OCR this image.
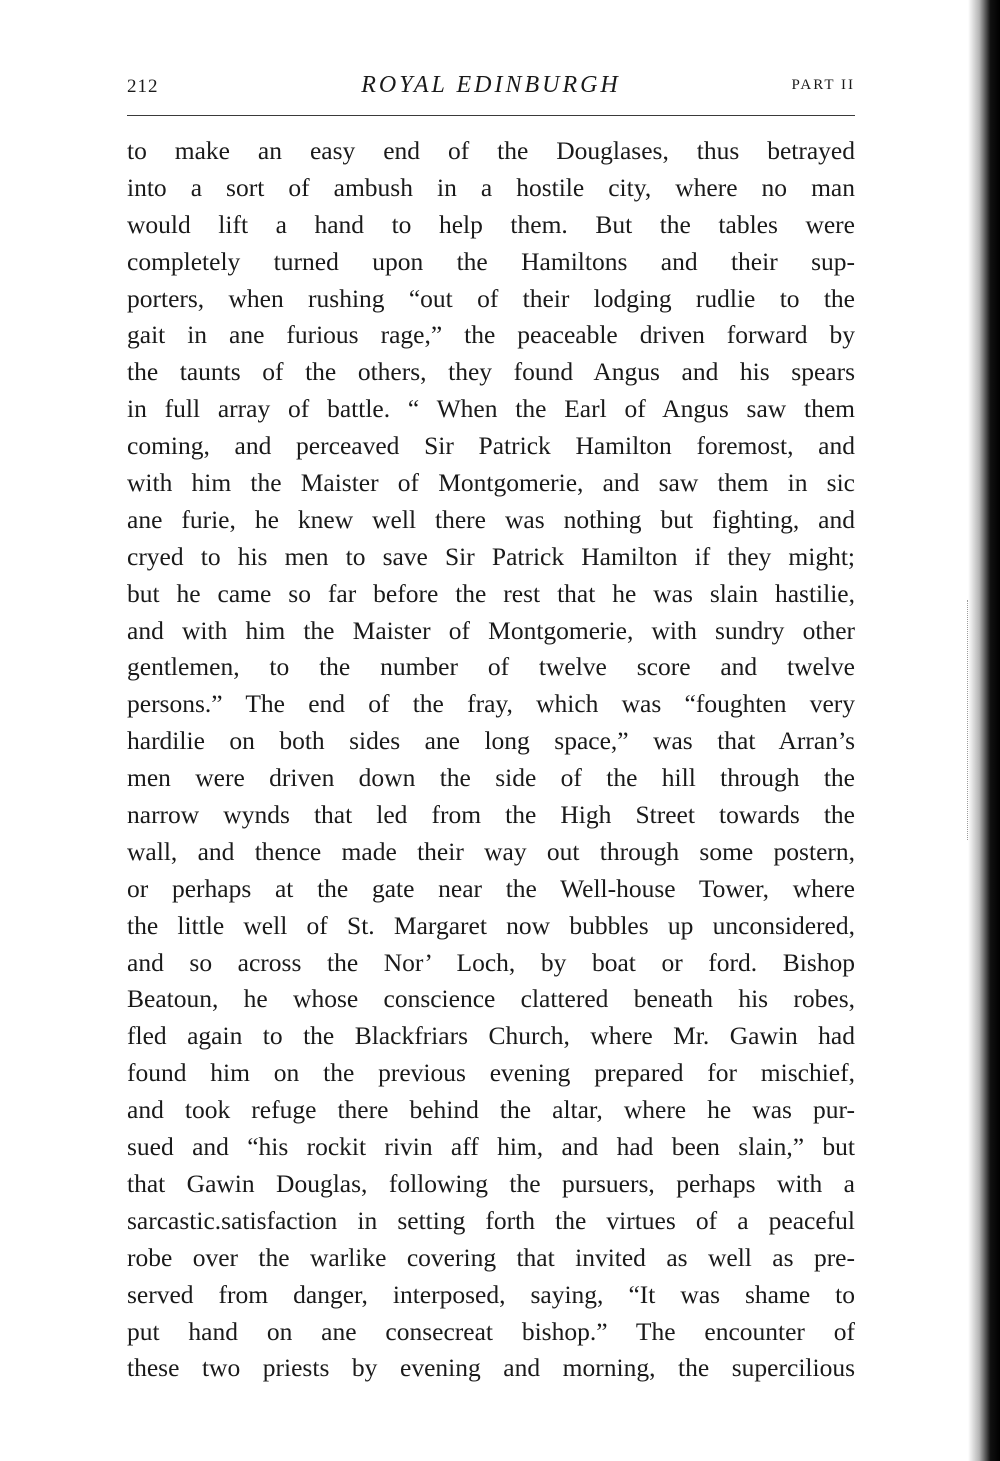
212	ROYAL EDINBURGH	PART II
to make an easy end of the Douglases, thus betrayed
into a sort of ambush in a hostile city, where no man
would lift a hand to help them. But the tables were
completely turned upon the Hamiltons and their sup-
porters, when rushing “out of their lodging rudlie to the
gait in ane furious rage,” the peaceable driven forward by
the taunts of the others, they found Angus and his spears
in full array of battle. “ When the Earl of Angus saw them
coming, and perceaved Sir Patrick Hamilton foremost, and
with him the Maister of Montgomerie, and saw them in sic
ane furie, he knew well there was nothing but fighting, and
cryed to his men to save Sir Patrick Hamilton if they might;
but he came so far before the rest that he was slain hastilie,
and with him the Maister of Montgomerie, with sundry other
gentlemen, to the number of twelve score and twelve
persons.” The end of the fray, which was “foughten very
hardilie on both sides ane long space,” was that Arran’s
men were driven down the side of the hill through the
narrow wynds that led from the High Street towards the
wall, and thence made their way out through some postern,
or perhaps at the gate near the Well-house Tower, where
the little well of St. Margaret now bubbles up unconsidered,
and so across the Nor’ Loch, by boat or ford. Bishop
Beatoun, he whose conscience clattered beneath his robes,
fled again to the Blackfriars Church, where Mr. Gawin had
found him on the previous evening prepared for mischief,
and took refuge there behind the altar, where he was pur-
sued and “his rockit rivin aff him, and had been slain,” but
that Gawin Douglas, following the pursuers, perhaps with a
sarcastic.satisfaction in setting forth the virtues of a peaceful
robe over the warlike covering that invited as well as pre-
served from danger, interposed, saying, “It was shame to
put hand on ane consecreat bishop.” The encounter of
these two priests by evening and morning, the supercilious
